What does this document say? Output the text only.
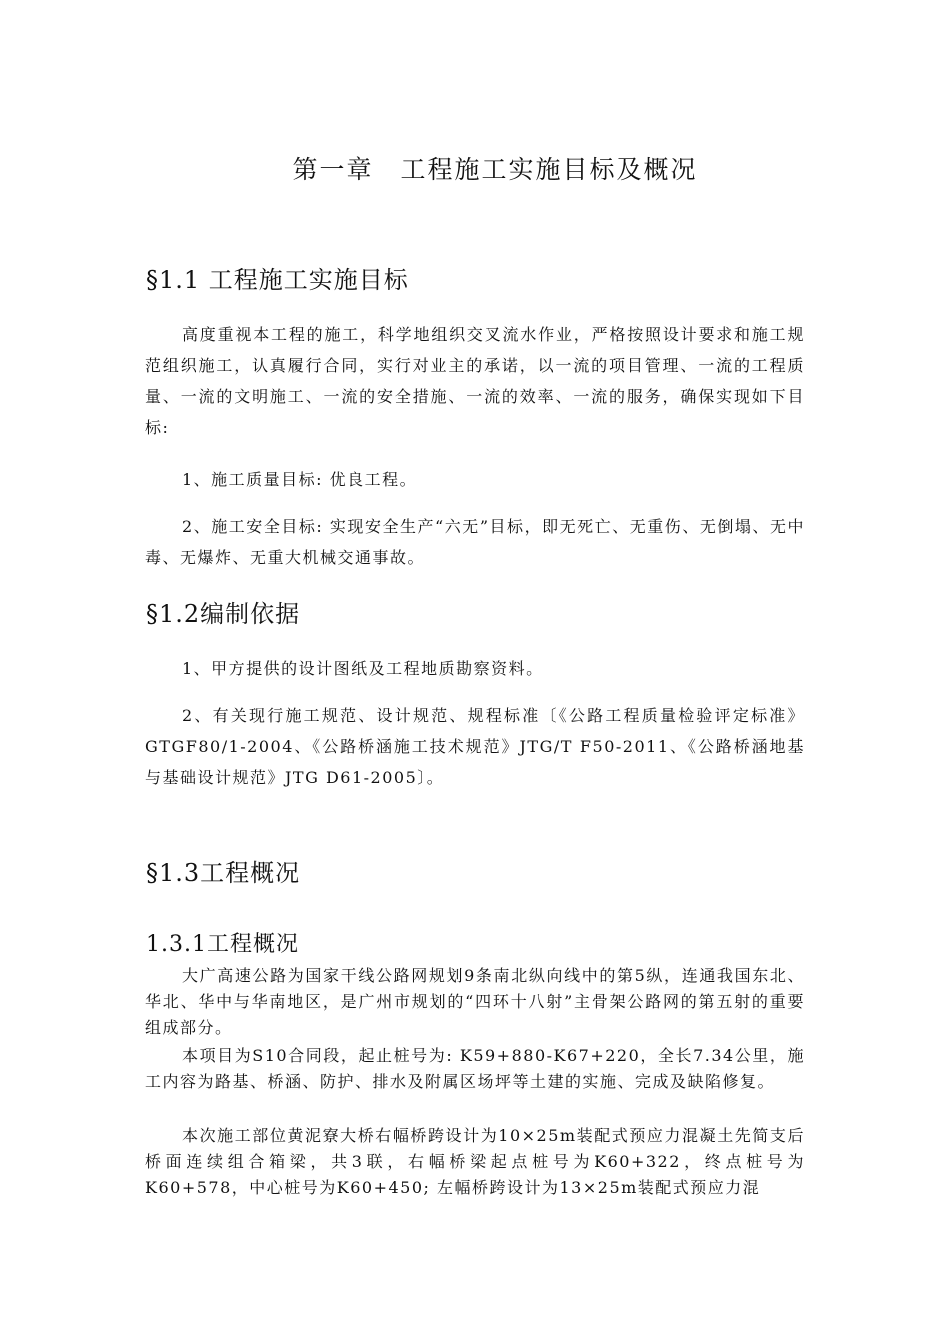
第一章　工程施工实施目标及概况
§1.1 工程施工实施目标

高度重视本工程的施工，科学地组织交叉流水作业，严格按照设计要求和施工规范组织施工，认真履行合同，实行对业主的承诺，以一流的项目管理、一流的工程质量、一流的文明施工、一流的安全措施、一流的效率、一流的服务，确保实现如下目标:

1、施工质量目标: 优良工程。

2、施工安全目标: 实现安全生产“六无”目标，即无死亡、无重伤、无倒塌、无中毒、无爆炸、无重大机械交通事故。

§1.2编制依据

1、甲方提供的设计图纸及工程地质勘察资料。

2、有关现行施工规范、设计规范、规程标准〔《公路工程质量检验评定标准》GTGF80/1-2004、《公路桥涵施工技术规范》JTG/T F50-2011、《公路桥涵地基与基础设计规范》JTG D61-2005〕。

§1.3工程概况
1.3.1工程概况

大广高速公路为国家干线公路网规划9条南北纵向线中的第5纵，连通我国东北、华北、华中与华南地区，是广州市规划的“四环十八射”主骨架公路网的第五射的重要组成部分。

本项目为S10合同段，起止桩号为: K59+880-K67+220，全长7.34公里，施工内容为路基、桥涵、防护、排水及附属区场坪等土建的实施、完成及缺陷修复。

本次施工部位黄泥寮大桥右幅桥跨设计为10×25m装配式预应力混凝土先简支后桥面连续组合箱梁，共3联，右幅桥梁起点桩号为K60+322，终点桩号为K60+578，中心桩号为K60+450; 左幅桥跨设计为13×25m装配式预应力混
